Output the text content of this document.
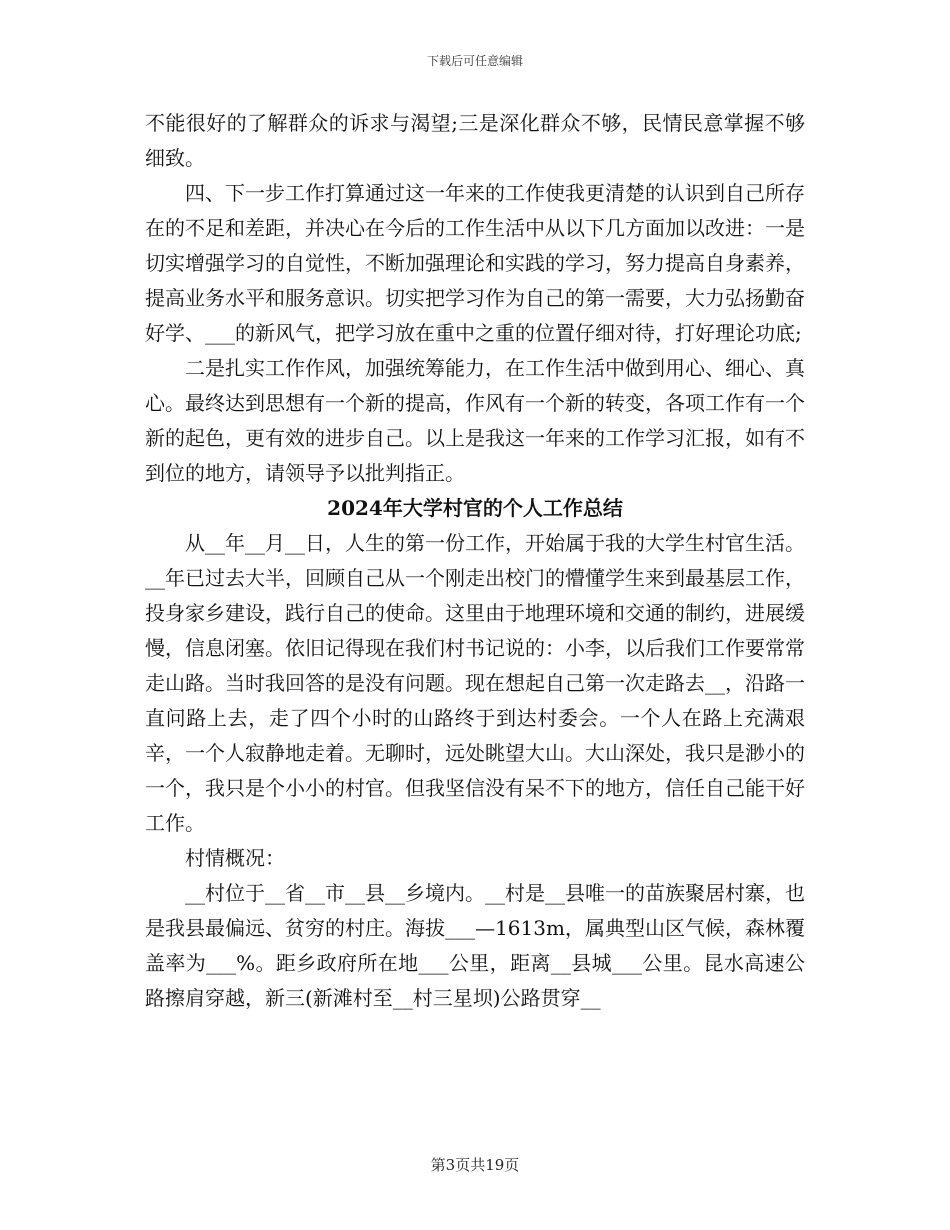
下载后可任意编辑

不能很好的了解群众的诉求与渴望;三是深化群众不够，民情民意掌握不够细致。

四、下一步工作打算通过这一年来的工作使我更清楚的认识到自己所存在的不足和差距，并决心在今后的工作生活中从以下几方面加以改进：一是切实增强学习的自觉性，不断加强理论和实践的学习，努力提高自身素养，提高业务水平和服务意识。切实把学习作为自己的第一需要，大力弘扬勤奋好学、___的新风气，把学习放在重中之重的位置仔细对待，打好理论功底;

二是扎实工作作风，加强统筹能力，在工作生活中做到用心、细心、真心。最终达到思想有一个新的提高，作风有一个新的转变，各项工作有一个新的起色，更有效的进步自己。以上是我这一年来的工作学习汇报，如有不到位的地方，请领导予以批判指正。

2024年大学村官的个人工作总结

从__年__月__日，人生的第一份工作，开始属于我的大学生村官生活。__年已过去大半，回顾自己从一个刚走出校门的懵懂学生来到最基层工作，投身家乡建设，践行自己的使命。这里由于地理环境和交通的制约，进展缓慢，信息闭塞。依旧记得现在我们村书记说的：小李，以后我们工作要常常走山路。当时我回答的是没有问题。现在想起自己第一次走路去__，沿路一直问路上去，走了四个小时的山路终于到达村委会。一个人在路上充满艰辛，一个人寂静地走着。无聊时，远处眺望大山。大山深处，我只是渺小的一个，我只是个小小的村官。但我坚信没有呆不下的地方，信任自己能干好工作。

村情概况：

__村位于__省__市__县__乡境内。__村是__县唯一的苗族聚居村寨，也是我县最偏远、贫穷的村庄。海拔___—1613m，属典型山区气候，森林覆盖率为___%。距乡政府所在地___公里，距离__县城___公里。昆水高速公路擦肩穿越，新三(新滩村至__村三星坝)公路贯穿__

第3页共19页
